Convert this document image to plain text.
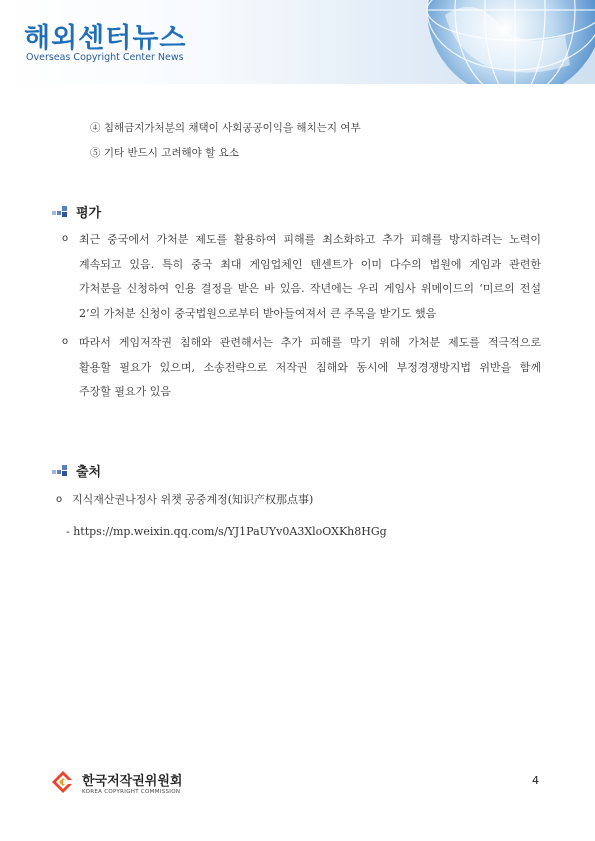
해외센터뉴스
Overseas Copyright Center News
④ 침해금지가처분의 채택이 사회공공이익을 해치는지 여부
⑤ 기타 반드시 고려해야 할 요소
평가
o 최근 중국에서 가처분 제도를 활용하여 피해를 최소화하고 추가 피해를 방지하려는 노력이
계속되고 있음. 특히 중국 최대 게임업체인 텐센트가 이미 다수의 법원에 게임과 관련한
가처분을 신청하여 인용 결정을 받은 바 있음. 작년에는 우리 게임사 위메이드의 ‘미르의 전설
2’의 가처분 신청이 중국법원으로부터 받아들여져서 큰 주목을 받기도 했음
o 따라서 게임저작권 침해와 관련해서는 추가 피해를 막기 위해 가처분 제도를 적극적으로
활용할 필요가 있으며, 소송전략으로 저작권 침해와 동시에 부정경쟁방지법 위반을 함께
주장할 필요가 있음
출처
o 지식재산권나정사 위챗 공중계정(知识产权那点事)
- https://mp.weixin.qq.com/s/YJ1PaUYv0A3XloOXKh8HGg
한국저작권위원회
KOREA COPYRIGHT COMMISSION
4
